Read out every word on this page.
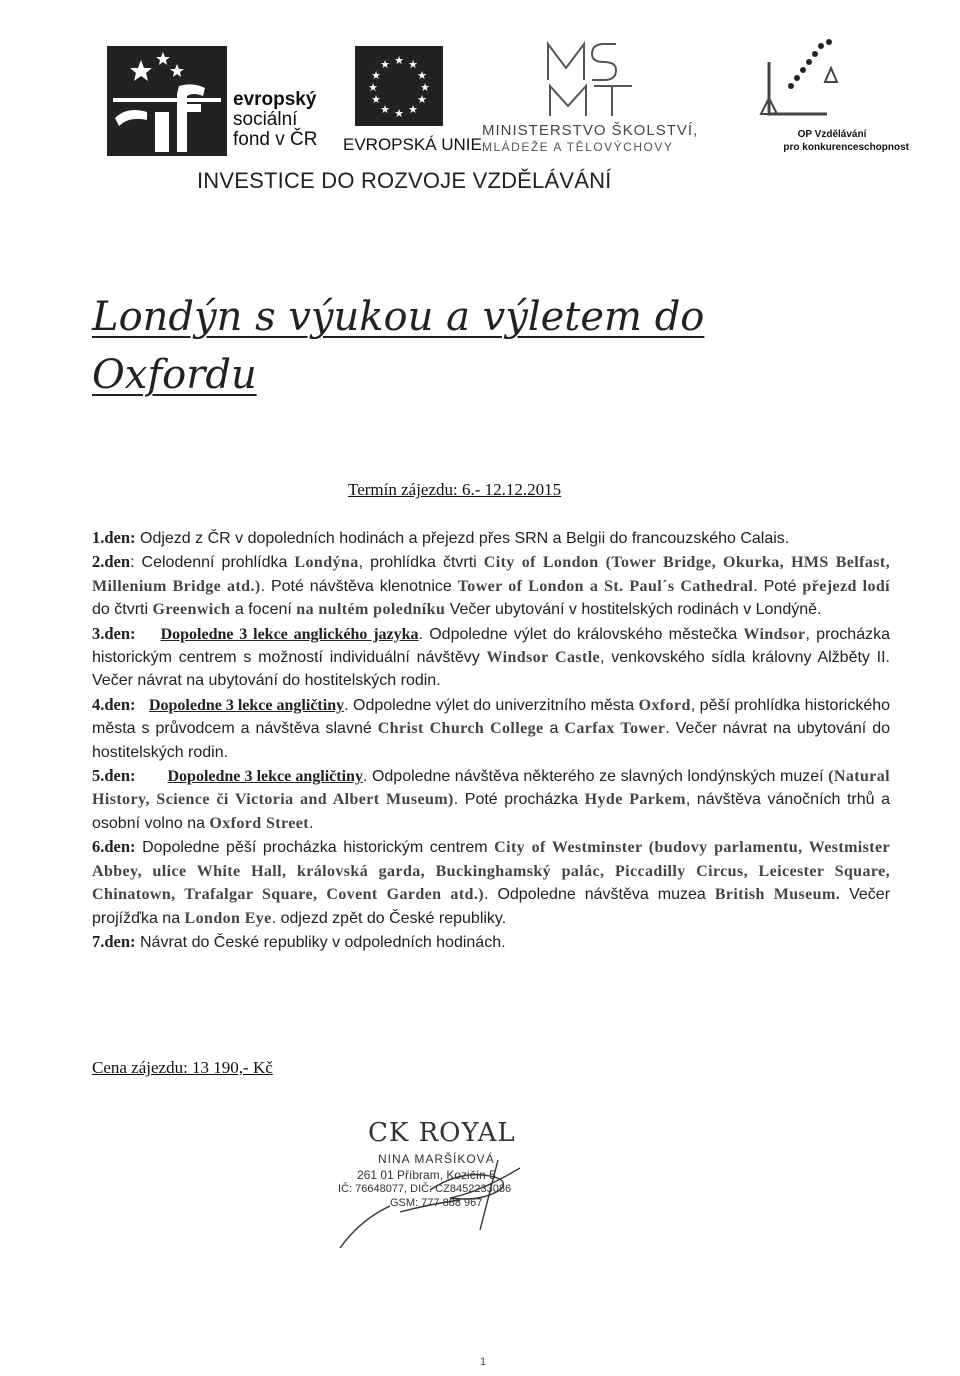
evropský
sociální
fond v ČR
★ ★
★
★
★
★
★
★
★
★
★
★
EVROPSKÁ UNIE
MINISTERSTVO ŠKOLSTVÍ,
MLÁDEŽE A TĚLOVÝCHOVY
OP Vzdělávání
pro konkurenceschopnost
INVESTICE DO ROZVOJE VZDĚLÁVÁNÍ
Londýn s výukou a výletem do Oxfordu
Termín zájezdu: 6.- 12.12.2015

1.den: Odjezd z ČR v dopoledních hodinách a přejezd přes SRN a Belgii do francouzského Calais.

2.den: Celodenní prohlídka Londýna, prohlídka čtvrti City of London (Tower Bridge, Okurka, HMS Belfast, Millenium Bridge atd.). Poté návštěva klenotnice Tower of London a St. Paul´s Cathedral. Poté přejezd lodí do čtvrti Greenwich a focení na nultém poledníku Večer ubytování v hostitelských rodinách v Londýně.

3.den: Dopoledne 3 lekce anglického jazyka. Odpoledne výlet do královského městečka Windsor, procházka historickým centrem s možností individuální návštěvy Windsor Castle, venkovského sídla královny Alžběty II. Večer návrat na ubytování do hostitelských rodin.

4.den: Dopoledne 3 lekce angličtiny. Odpoledne výlet do univerzitního města Oxford, pěší prohlídka historického města s průvodcem a návštěva slavné Christ Church College a Carfax Tower. Večer návrat na ubytování do hostitelských rodin.

5.den: Dopoledne 3 lekce angličtiny. Odpoledne návštěva některého ze slavných londýnských muzeí (Natural History, Science či Victoria and Albert Museum). Poté procházka Hyde Parkem, návštěva vánočních trhů a osobní volno na Oxford Street.

6.den: Dopoledne pěší procházka historickým centrem City of Westminster (budovy parlamentu, Westmister Abbey, ulice White Hall, královská garda, Buckinghamský palác, Piccadilly Circus, Leicester Square, Chinatown, Trafalgar Square, Covent Garden atd.). Odpoledne návštěva muzea British Museum. Večer projížďka na London Eye. odjezd zpět do České republiky.

7.den: Návrat do České republiky v odpoledních hodinách.

Cena zájezdu: 13 190,- Kč
CK ROYAL
NINA MARŠÍKOVÁ
261 01 Příbram, Kozičín 5
IČ: 76648077, DIČ: CZ8452233086
GSM: 777 888 967
1
